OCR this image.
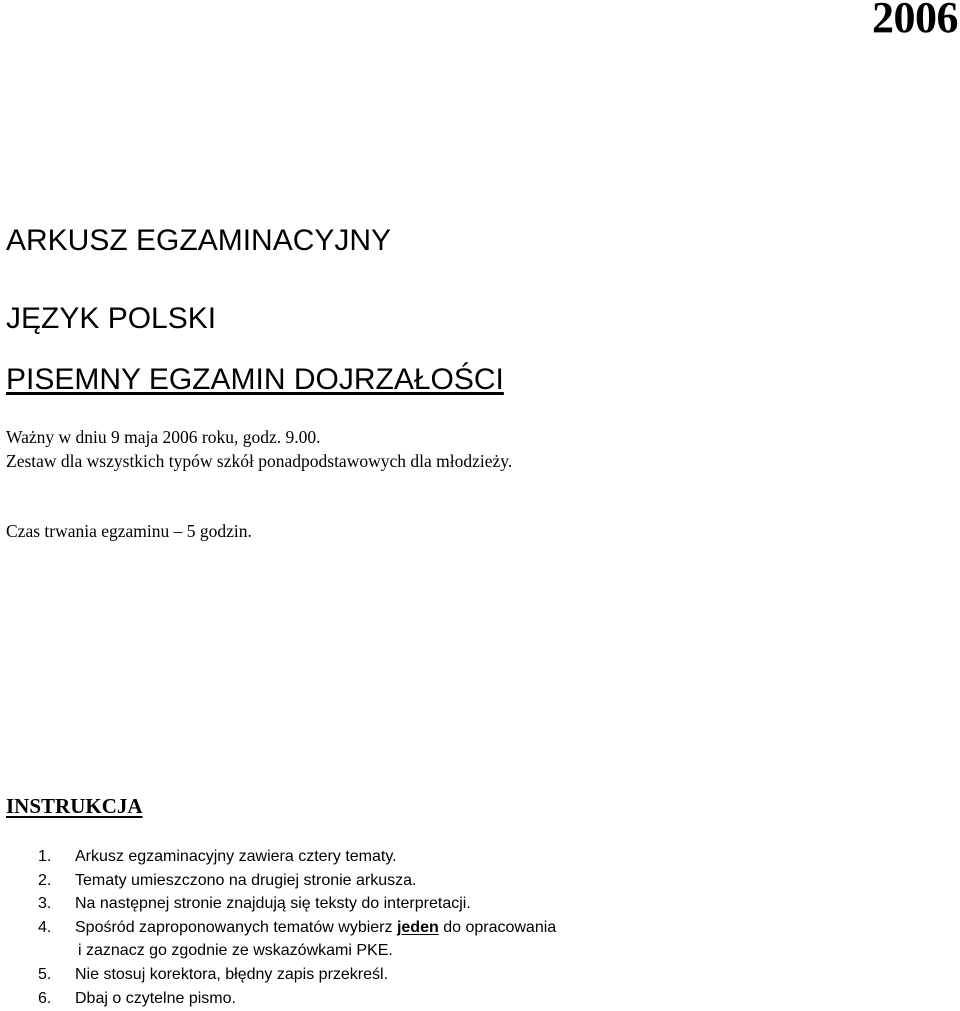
2006
ARKUSZ EGZAMINACYJNY
JĘZYK POLSKI
PISEMNY EGZAMIN DOJRZAŁOŚCI
Ważny w dniu 9 maja 2006 roku, godz. 9.00.
Zestaw dla wszystkich typów szkół ponadpodstawowych dla młodzieży.
Czas trwania egzaminu – 5 godzin.
INSTRUKCJA
1.	Arkusz egzaminacyjny zawiera cztery tematy.
2.	Tematy umieszczono na drugiej stronie arkusza.
3.	Na następnej stronie znajdują się teksty do interpretacji.
4.	Spośród zaproponowanych tematów wybierz jeden do opracowania
i zaznacz go zgodnie ze wskazówkami PKE.
5.	Nie stosuj korektora, błędny zapis przekreśl.
6.	Dbaj o czytelne pismo.
